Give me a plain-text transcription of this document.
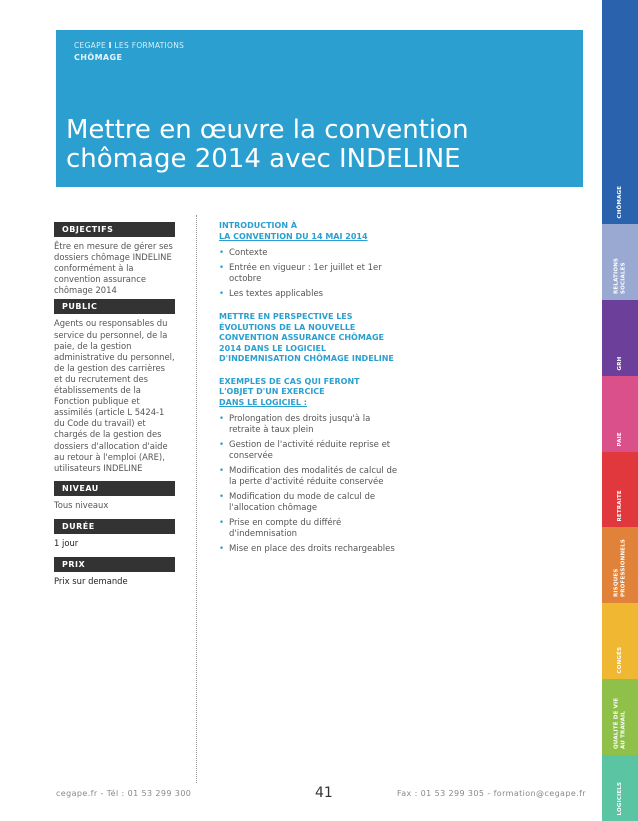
CEGAPE I LES FORMATIONS
CHÔMAGE
Mettre en œuvre la convention
chômage 2014 avec INDELINE
CHÔMAGE
RELATIONS SOCIALES
GRH
PAIE
RETRAITE
RISQUES PROFESSIONNELS
CONGÉS
QUALITÉ DE VIE AU TRAVAIL
LOGICIELS
OBJECTIFS

Être en mesure de gérer ses dossiers chômage INDELINE conformément à la convention assurance chômage 2014

PUBLIC

Agents ou responsables du service du personnel, de la paie, de la gestion administrative du personnel, de la gestion des carrières et du recrutement des établissements de la Fonction publique et assimilés (article L 5424-1 du Code du travail) et chargés de la gestion des dossiers d'allocation d'aide au retour à l'emploi (ARE), utilisateurs INDELINE

NIVEAU

Tous niveaux

DURÉE

1 jour

PRIX

Prix sur demande

INTRODUCTION À
LA CONVENTION DU 14 MAI 2014
• Contexte
• Entrée en vigueur : 1er juillet et 1er octobre
• Les textes applicables
METTRE EN PERSPECTIVE LES ÉVOLUTIONS DE LA NOUVELLE CONVENTION ASSURANCE CHÔMAGE 2014 DANS LE LOGICIEL D'INDEMNISATION CHÔMAGE INDELINE
EXEMPLES DE CAS QUI FERONT
L'OBJET D'UN EXERCICE
DANS LE LOGICIEL :
• Prolongation des droits jusqu'à la retraite à taux plein
• Gestion de l'activité réduite reprise et conservée
• Modification des modalités de calcul de la perte d'activité réduite conservée
• Modification du mode de calcul de l'allocation chômage
• Prise en compte du différé d'indemnisation
• Mise en place des droits rechargeables
cegape.fr - Tél : 01 53 299 300	41	Fax : 01 53 299 305 - formation@cegape.fr
